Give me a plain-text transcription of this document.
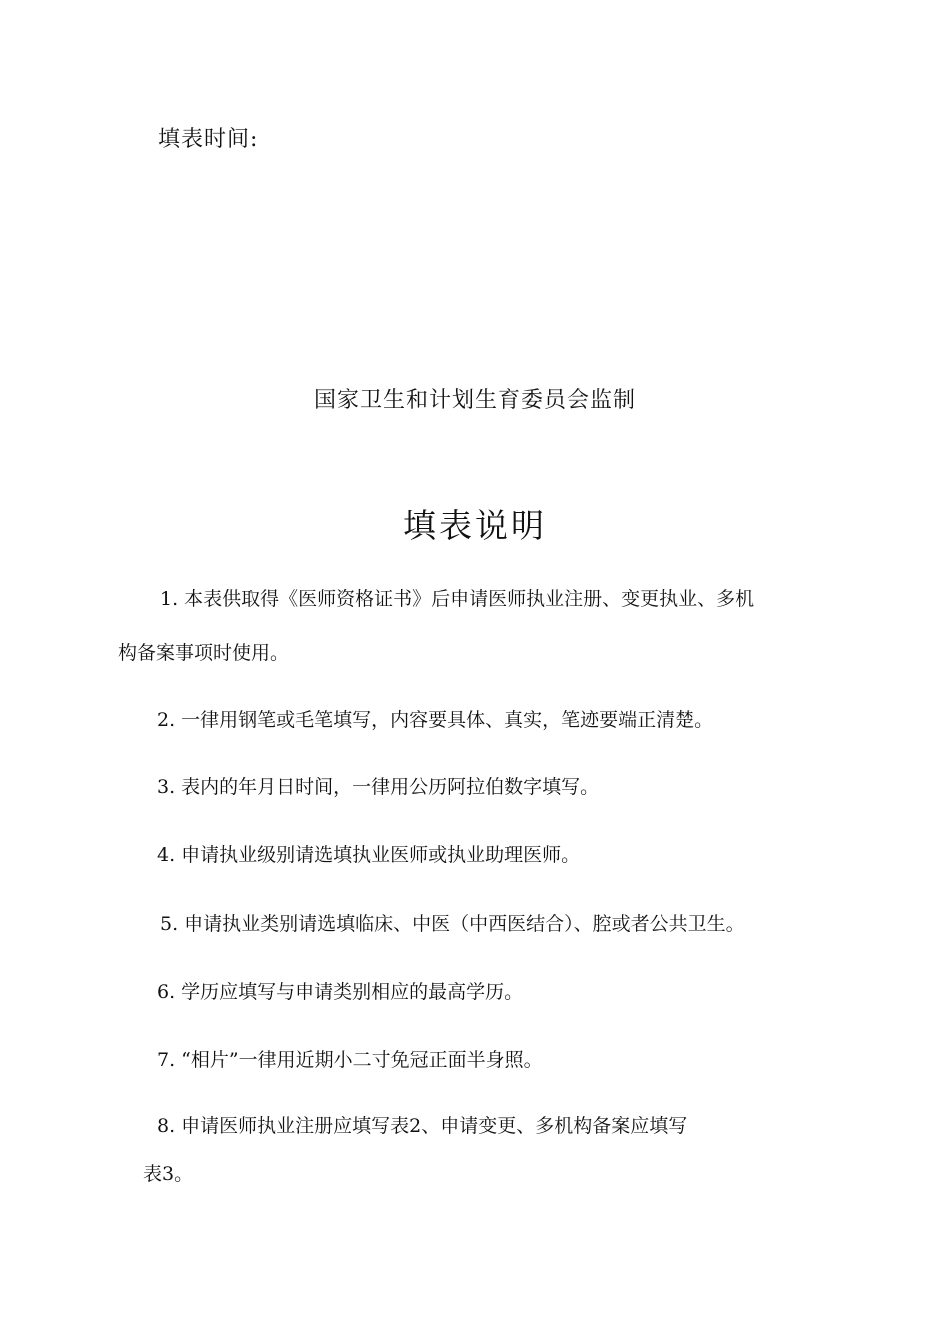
填表时间:
国家卫生和计划生育委员会监制
填表说明
1. 本表供取得《医师资格证书》后申请医师执业注册、变更执业、多机
构备案事项时使用。
2. 一律用钢笔或毛笔填写，内容要具体、真实，笔迹要端正清楚。
3. 表内的年月日时间，一律用公历阿拉伯数字填写。
4. 申请执业级别请选填执业医师或执业助理医师。
5. 申请执业类别请选填临床、中医（中西医结合）、腔或者公共卫生。
6. 学历应填写与申请类别相应的最高学历。
7. “相片”一律用近期小二寸免冠正面半身照。
8. 申请医师执业注册应填写表2、申请变更、多机构备案应填写
表3。
